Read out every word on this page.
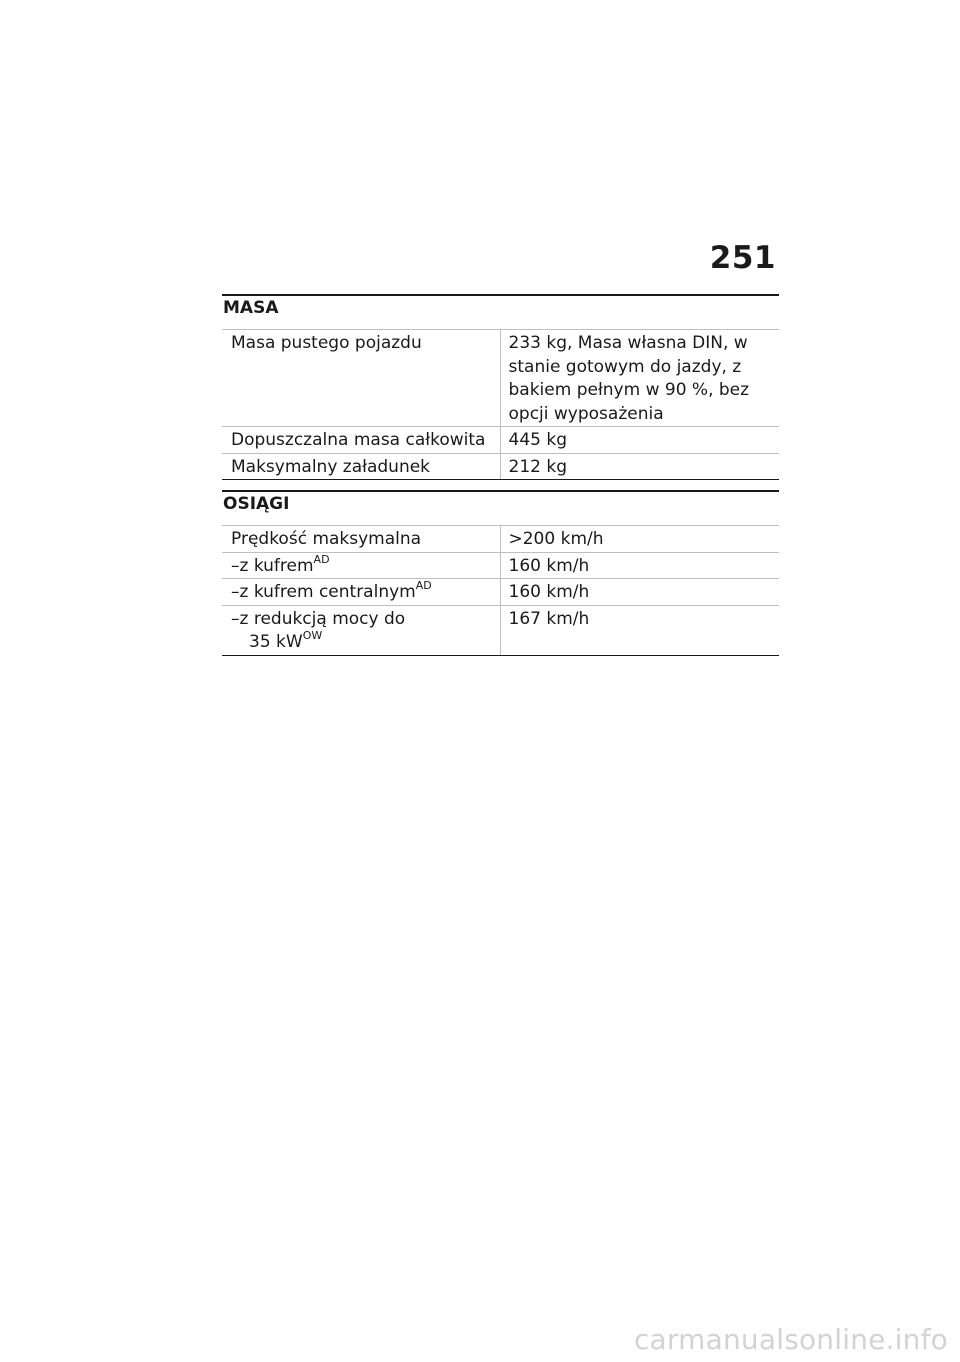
251
MASA
Masa pustego pojazdu	233 kg, Masa własna DIN, w stanie gotowym do jazdy, z bakiem pełnym w 90 %, bez opcji wyposażenia
Dopuszczalna masa całkowita	445 kg
Maksymalny załadunek	212 kg
OSIĄGI
Prędkość maksymalna	>200 km/h
–z kufrem$^{AD}$	160 km/h
–z kufrem centralnym$^{AD}$	160 km/h
–z redukcją mocy do
35 $kW^{OW}$	167 km/h
carmanualsonline.info
